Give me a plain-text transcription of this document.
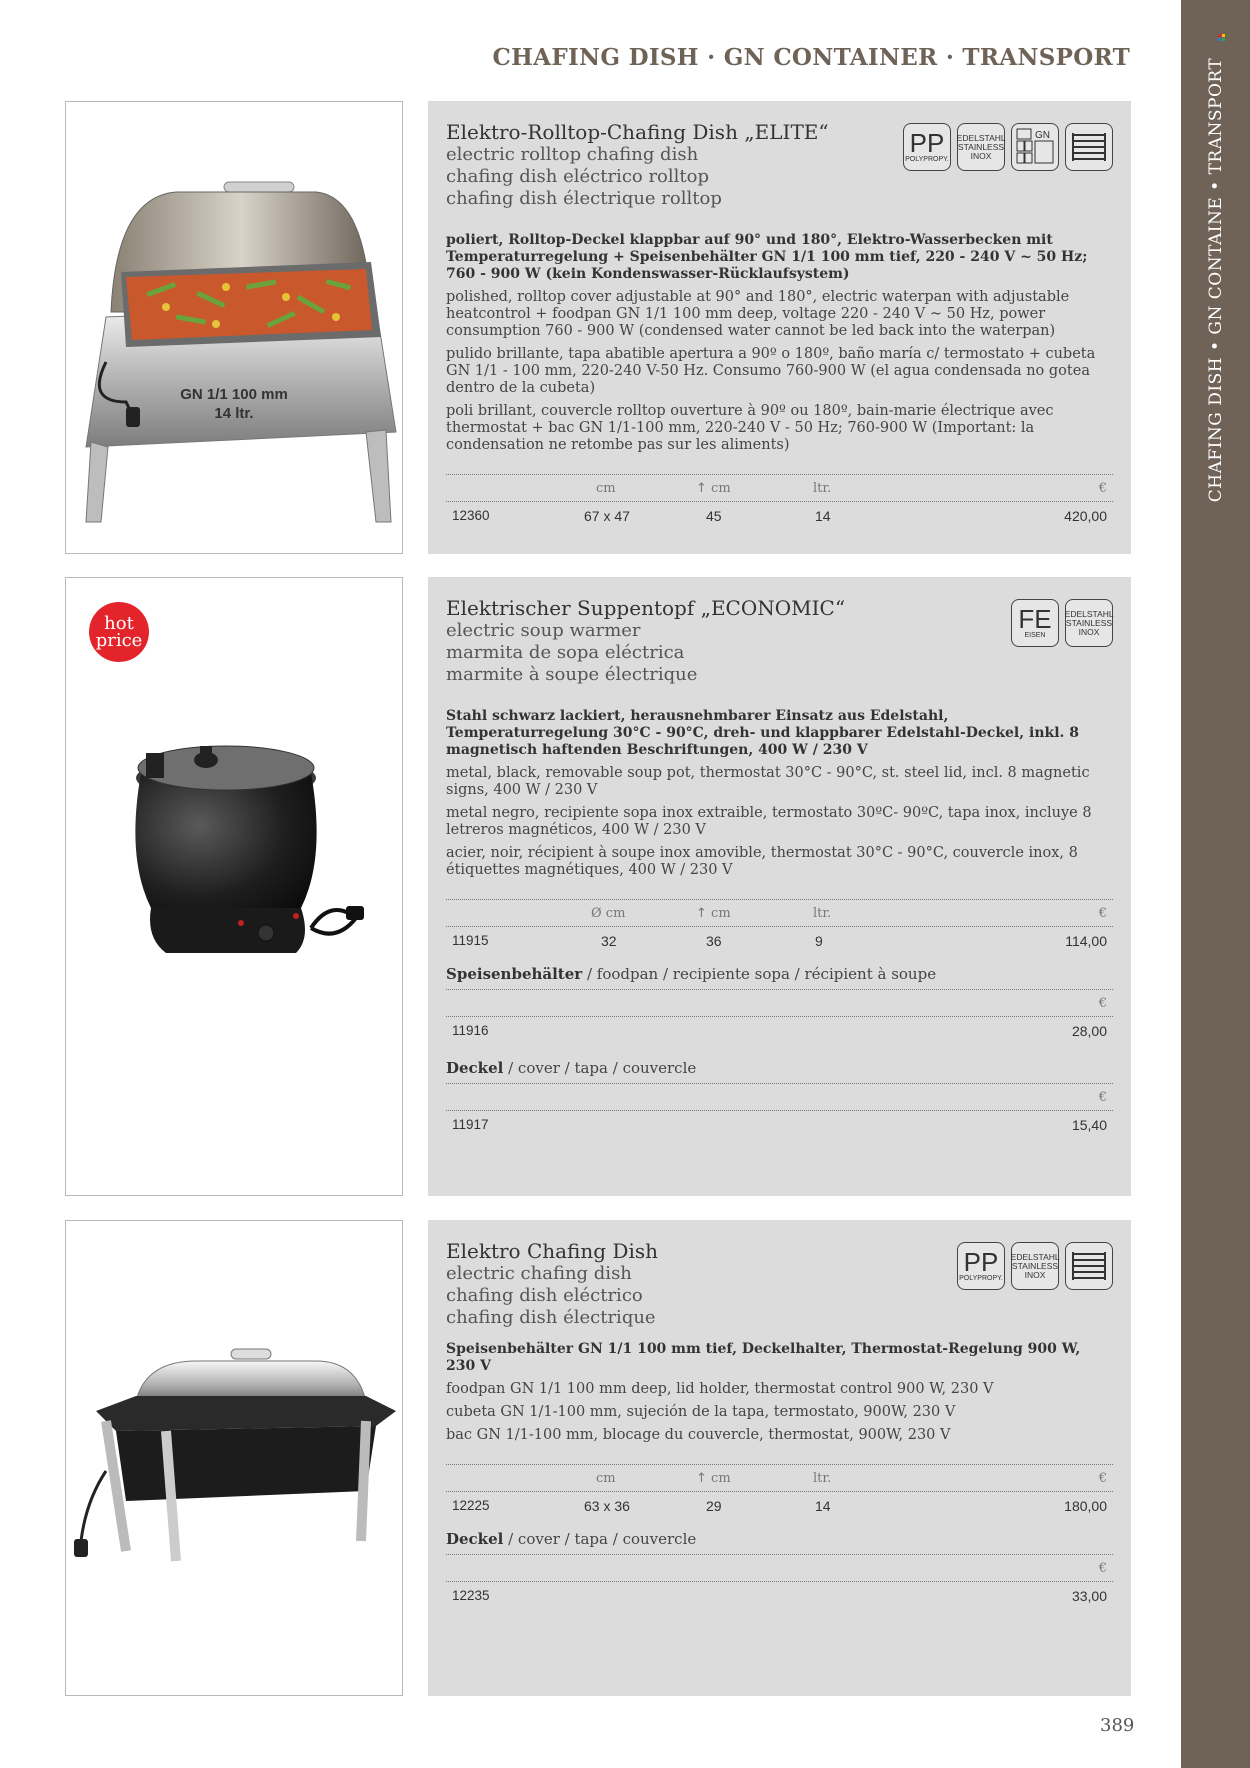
CHAFING DISH · GN CONTAINER · TRANSPORT
CHAFING DISH • GN CONTAINE • TRANSPORT
GN 1/1 100 mm
14 ltr.
PP
POLYPROPY.
EDELSTAHL STAINLESS INOX
GN
Elektro-Rolltop-Chafing Dish „ELITE“
electric rolltop chafing dish
chafing dish eléctrico rolltop
chafing dish électrique rolltop
poliert, Rolltop-Deckel klappbar auf 90° und 180°, Elektro-Wasserbecken mit Temperaturregelung + Speisenbehälter GN 1/1 100 mm tief, 220 - 240 V ~ 50 Hz; 760 - 900 W (kein Kondenswasser-Rücklaufsystem)
polished, rolltop cover adjustable at 90° and 180°, electric waterpan with adjustable heatcontrol + foodpan GN 1/1 100 mm deep, voltage 220 - 240 V ~ 50 Hz, power consumption 760 - 900 W (condensed water cannot be led back into the waterpan)
pulido brillante, tapa abatible apertura a 90º o 180º, baño maría c/ termostato + cubeta GN 1/1 - 100 mm, 220-240 V-50 Hz. Consumo 760-900 W (el agua condensada no gotea dentro de la cubeta)
poli brillant, couvercle rolltop ouverture à 90º ou 180º, bain-marie électrique avec thermostat + bac GN 1/1-100 mm, 220-240 V - 50 Hz; 760-900 W (Important: la condensation ne retombe pas sur les aliments)
cm	↑ cm	ltr.	€
12360	67 x 47	45	14	420,00
hot
price
FE
EISEN
EDELSTAHL STAINLESS INOX
Elektrischer Suppentopf „ECONOMIC“
electric soup warmer
marmita de sopa eléctrica
marmite à soupe électrique
Stahl schwarz lackiert, herausnehmbarer Einsatz aus Edelstahl, Temperaturregelung 30°C - 90°C, dreh- und klappbarer Edelstahl-Deckel, inkl. 8 magnetisch haftenden Beschriftungen, 400 W / 230 V
metal, black, removable soup pot, thermostat 30°C - 90°C, st. steel lid, incl. 8 magnetic signs, 400 W / 230 V
metal negro, recipiente sopa inox extraible, termostato 30ºC- 90ºC, tapa inox, incluye 8 letreros magnéticos, 400 W / 230 V
acier, noir, récipient à soupe inox amovible, thermostat 30°C - 90°C, couvercle inox, 8 étiquettes magnétiques, 400 W / 230 V
Ø cm	↑ cm	ltr.	€
11915	32	36	9	114,00
Speisenbehälter / foodpan / recipiente sopa / récipient à soupe
€
11916	28,00
Deckel / cover / tapa / couvercle
€
11917	15,40
PP
POLYPROPY.
EDELSTAHL STAINLESS INOX
Elektro Chafing Dish
electric chafing dish
chafing dish eléctrico
chafing dish électrique
Speisenbehälter GN 1/1 100 mm tief, Deckelhalter, Thermostat-Regelung 900 W, 230 V
foodpan GN 1/1 100 mm deep, lid holder, thermostat control 900 W, 230 V
cubeta GN 1/1-100 mm, sujeción de la tapa, termostato, 900W, 230 V
bac GN 1/1-100 mm, blocage du couvercle, thermostat, 900W, 230 V
cm	↑ cm	ltr.	€
12225	63 x 36	29	14	180,00
Deckel / cover / tapa / couvercle
€
12235	33,00
389
